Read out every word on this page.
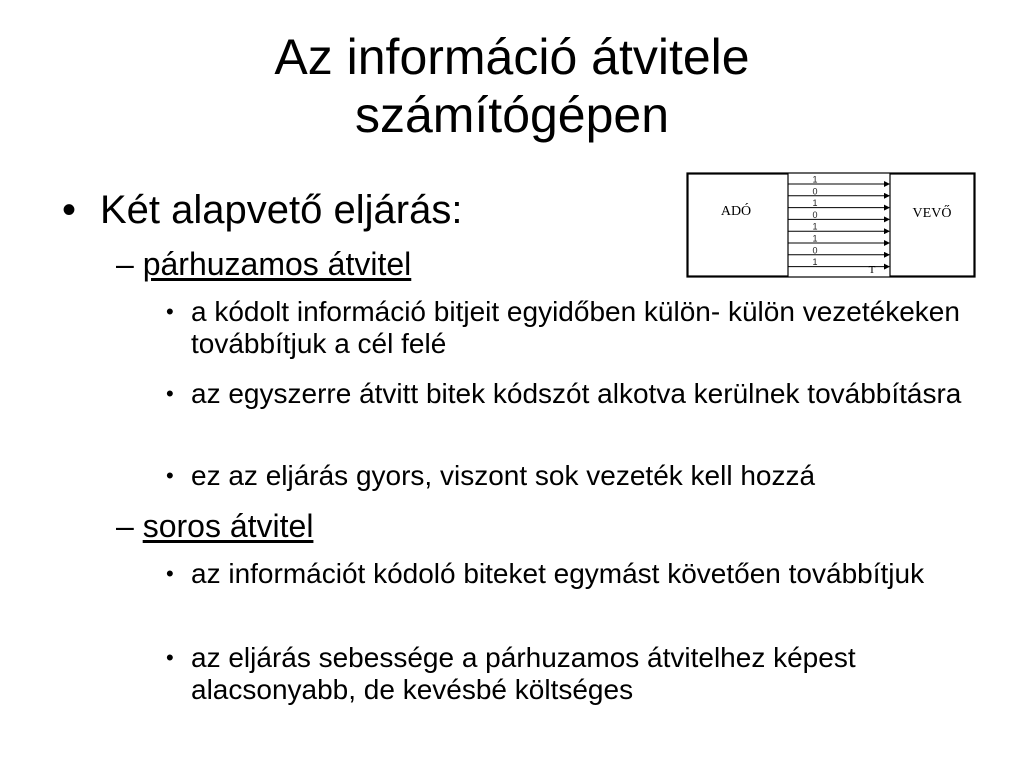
Az információ átvitele
számítógépen
• Két alapvető eljárás:
– párhuzamos átvitel
• a kódolt információ bitjeit egyidőben külön- külön vezetékeken továbbítjuk a cél felé
• az egyszerre átvitt bitek kódszót alkotva kerülnek továbbításra
• ez az eljárás gyors, viszont sok vezeték kell hozzá
– soros átvitel
• az információt kódoló biteket egymást követően továbbítjuk
• az eljárás sebessége a párhuzamos átvitelhez képest alacsonyabb, de kevésbé költséges
ADÓ	VEVŐ
1
0
1
0
1
1
0
1
T
